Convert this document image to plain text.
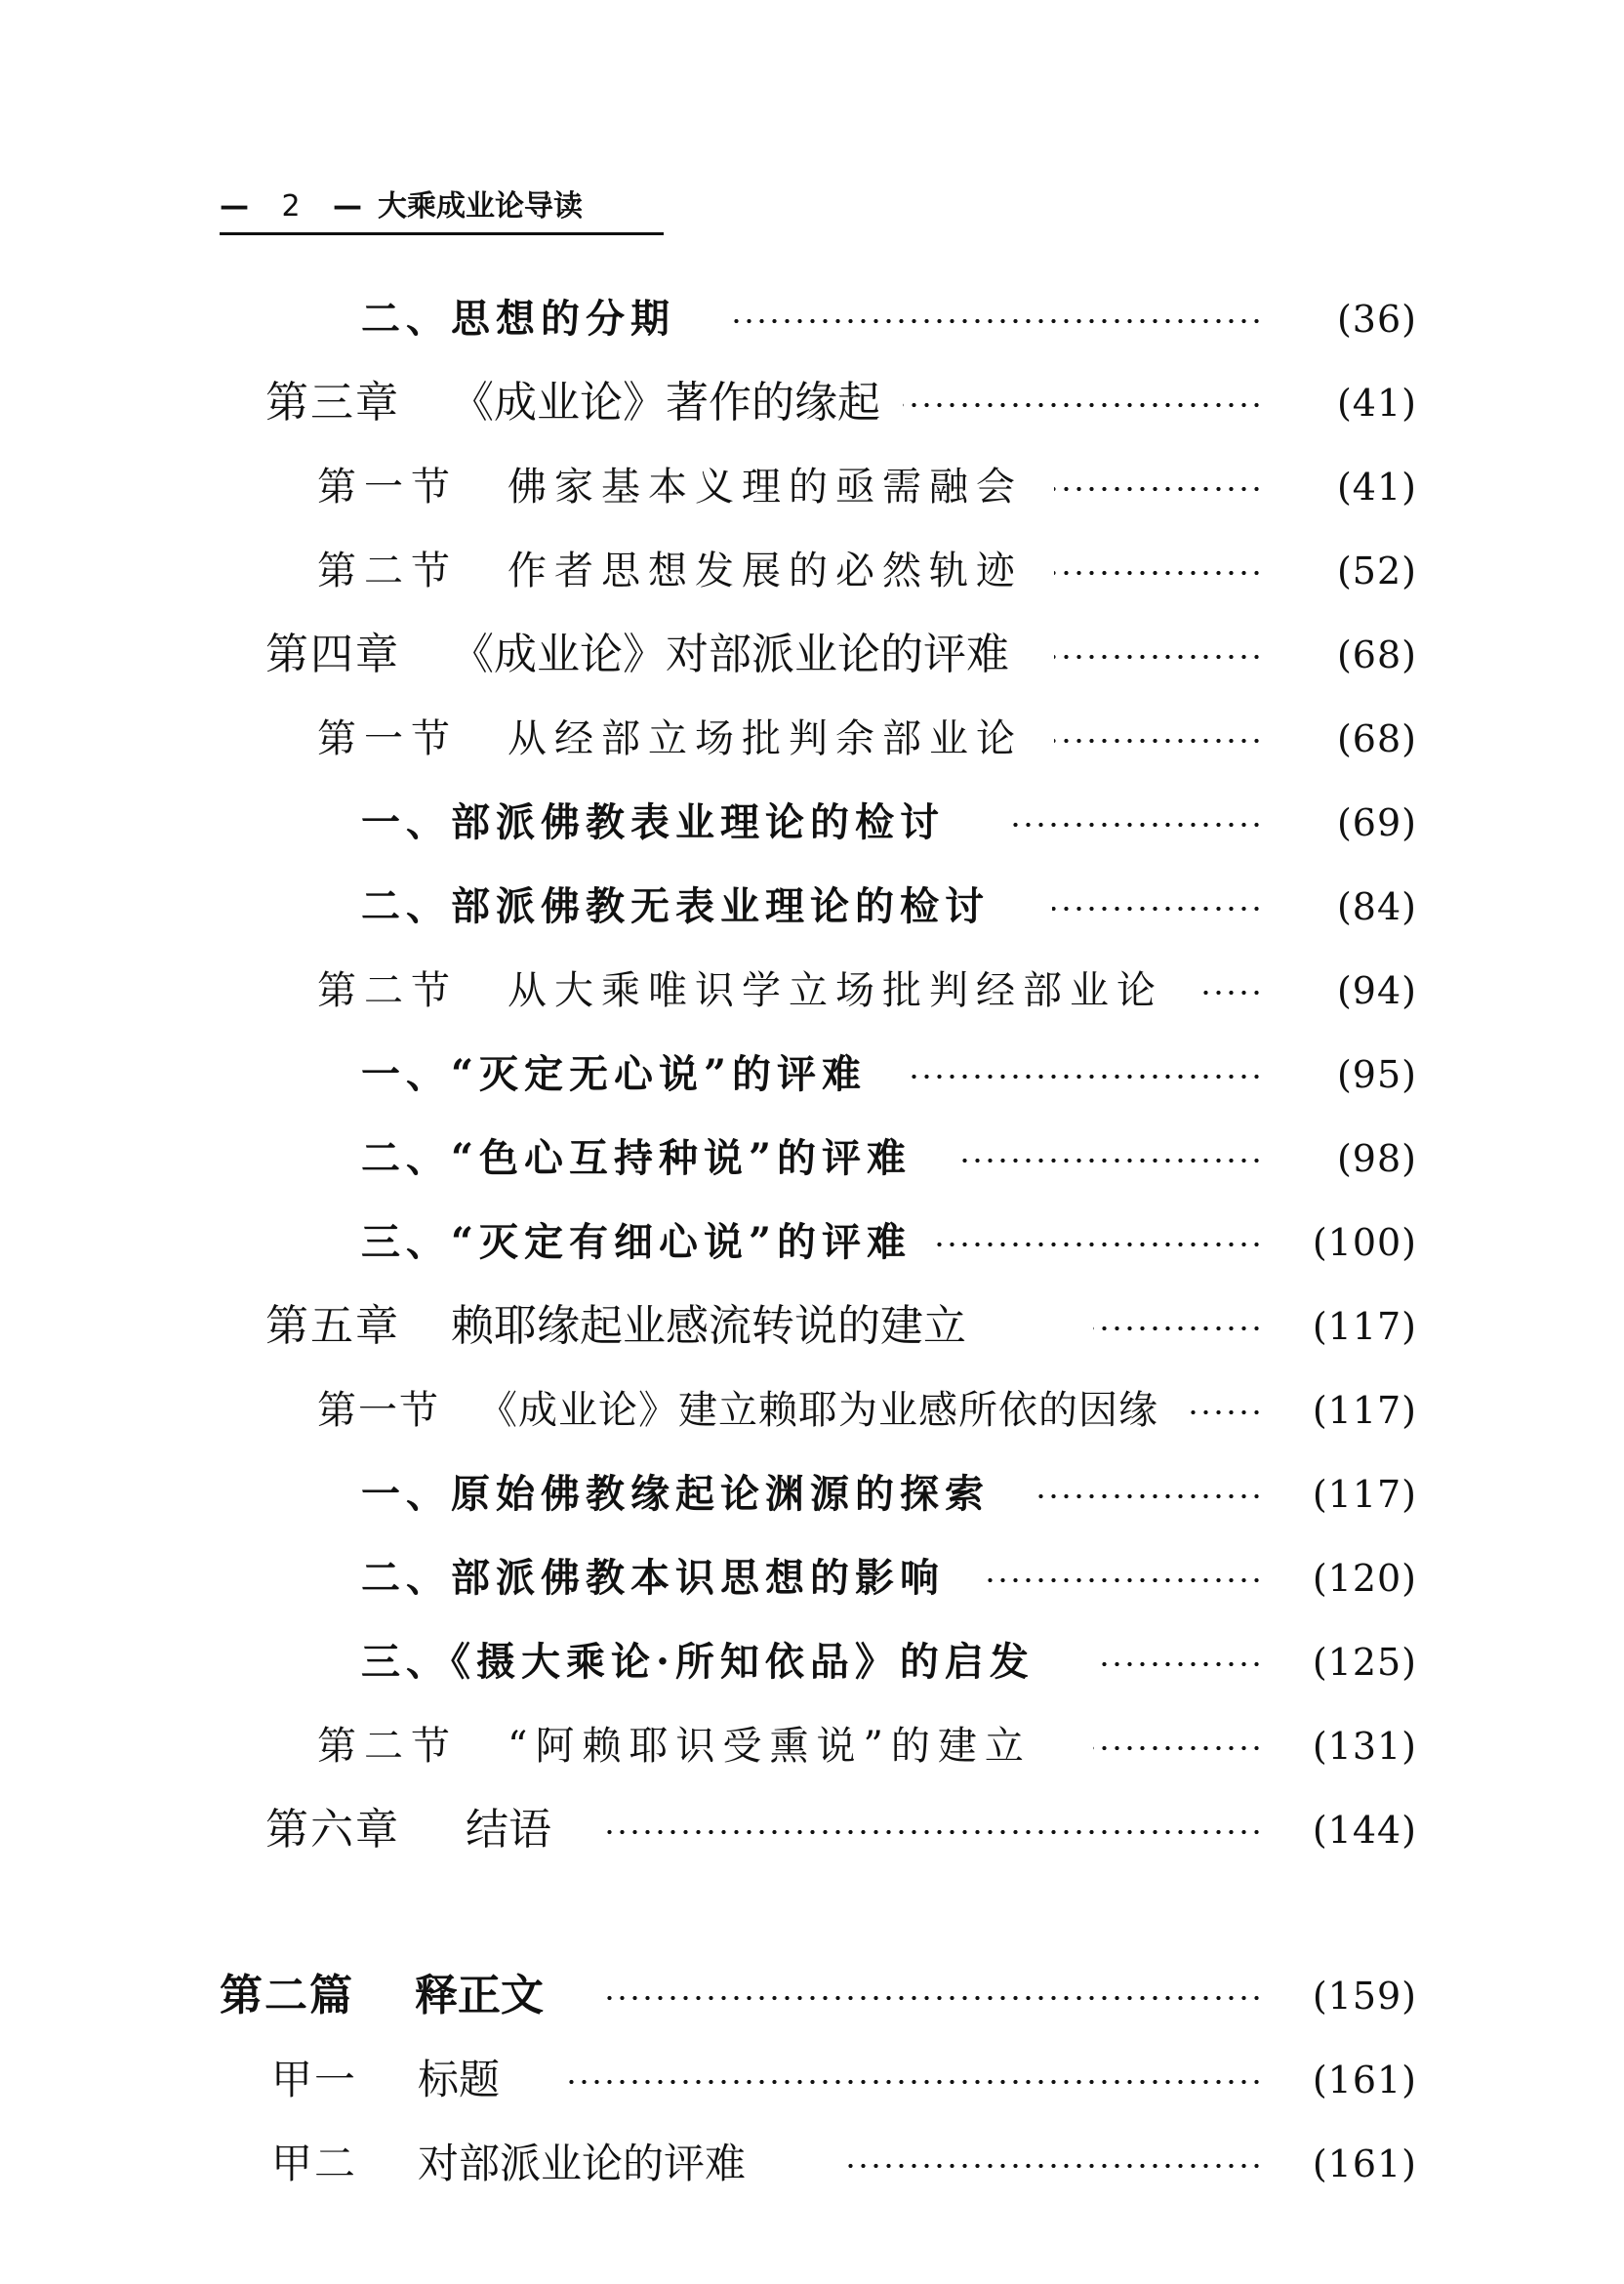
— 2 — 大乘成业论导读
二、思想的分期	(36)
第三章	《成业论》著作的缘起	(41)
第一节	佛家基本义理的亟需融会	(41)
第二节	作者思想发展的必然轨迹	(52)
第四章	《成业论》对部派业论的评难	(68)
第一节	从经部立场批判余部业论	(68)
一、部派佛教表业理论的检讨	(69)
二、部派佛教无表业理论的检讨	(84)
第二节	从大乘唯识学立场批判经部业论	(94)
一、“灭定无心说”的评难	(95)
二、“色心互持种说”的评难	(98)
三、“灭定有细心说”的评难	(100)
第五章	赖耶缘起业感流转说的建立	(117)
第一节 《成业论》建立赖耶为业感所依的因缘	(117)
一、原始佛教缘起论渊源的探索	(117)
二、部派佛教本识思想的影响	(120)
三、《摄大乘论·所知依品》的启发	(125)
第二节	“阿赖耶识受熏说”的建立	(131)
第六章	结语	(144)
第二篇	释正文	(159)
甲一	标题	(161)
甲二	对部派业论的评难	(161)
